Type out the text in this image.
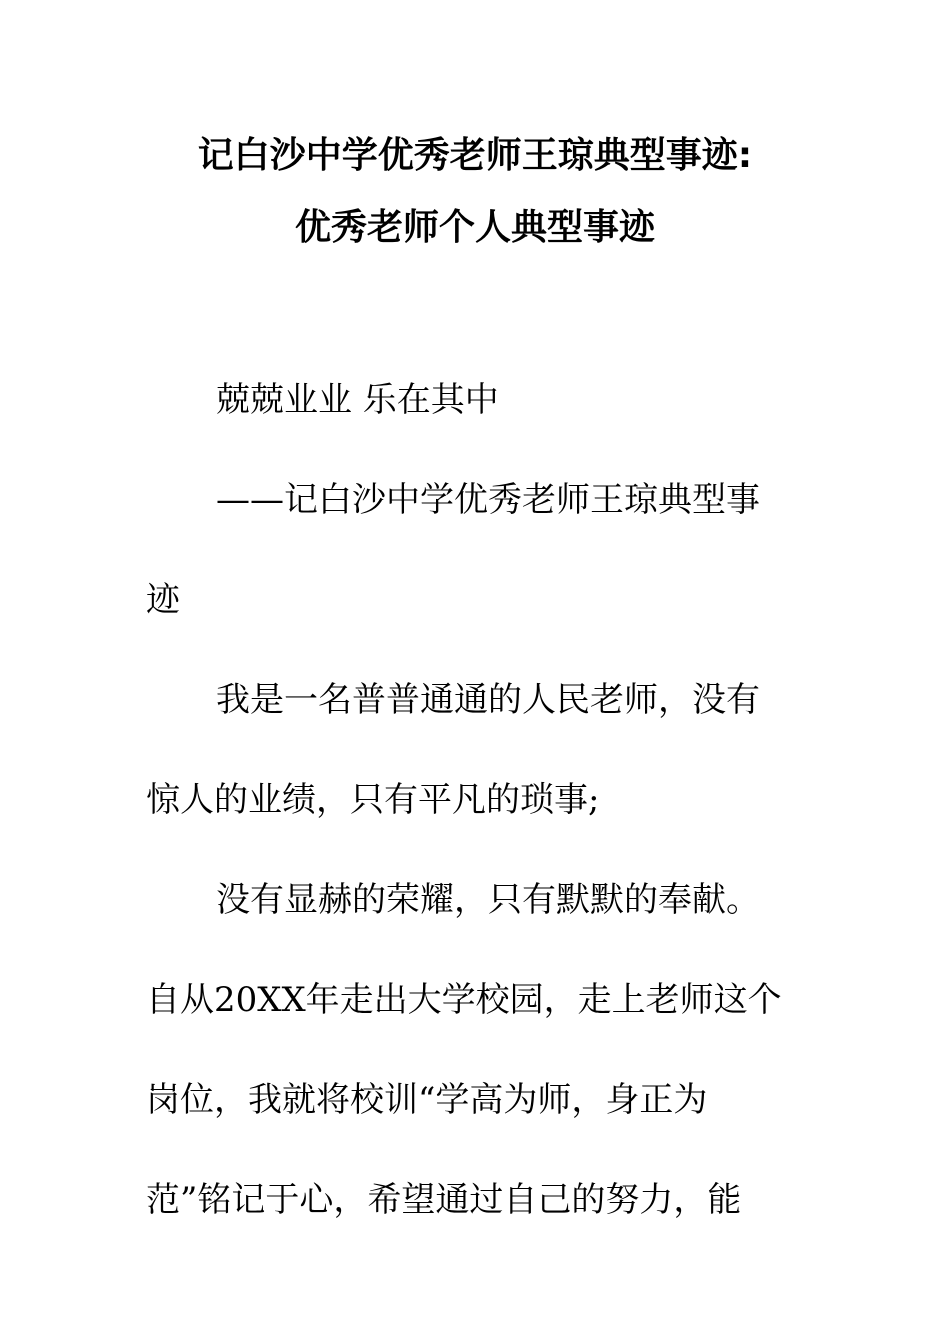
记白沙中学优秀老师王琼典型事迹:
优秀老师个人典型事迹
兢兢业业 乐在其中
——记白沙中学优秀老师王琼典型事
迹
我是一名普普通通的人民老师，没有
惊人的业绩，只有平凡的琐事;
没有显赫的荣耀，只有默默的奉献。
自从20XX年走出大学校园，走上老师这个
岗位，我就将校训“学高为师，身正为
范”铭记于心，希望通过自己的努力，能
